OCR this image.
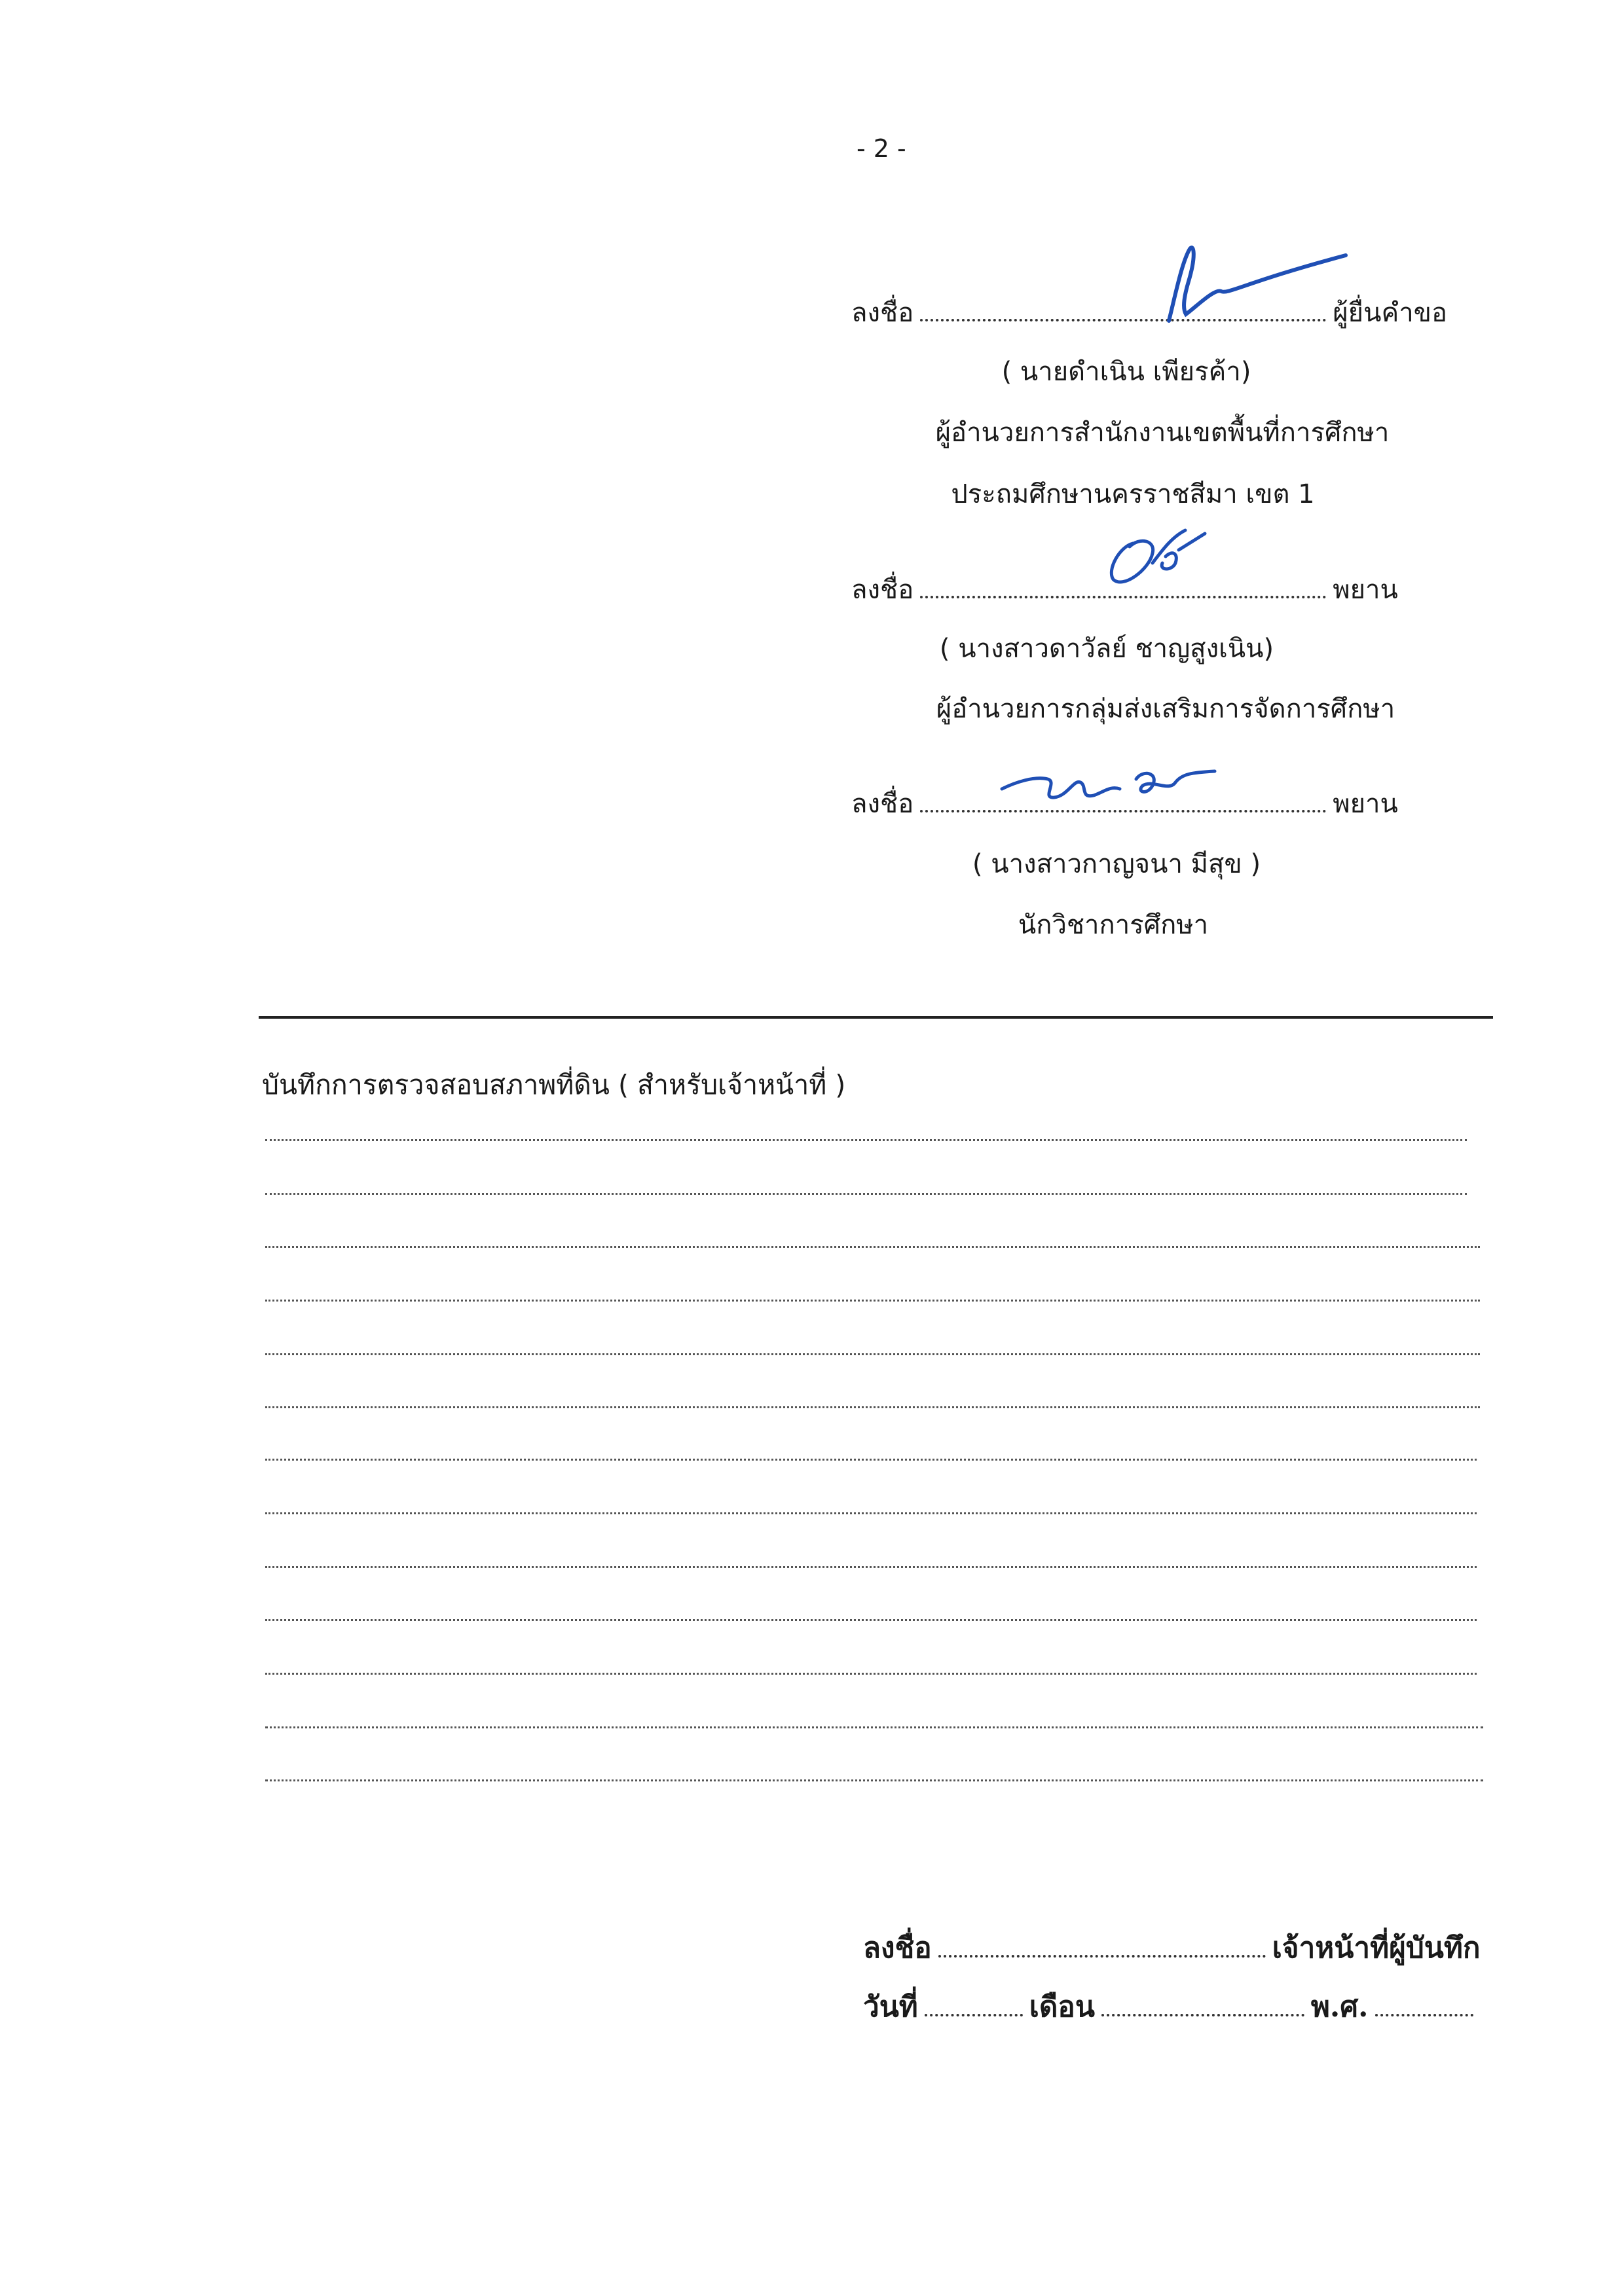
- 2 -
ลงชื่อ	ผู้ยื่นคำขอ
( นายดำเนิน เพียรค้า)
ผู้อำนวยการสำนักงานเขตพื้นที่การศึกษา
ประถมศึกษานครราชสีมา เขต 1
ลงชื่อ	พยาน
( นางสาวดาวัลย์ ชาญสูงเนิน)
ผู้อำนวยการกลุ่มส่งเสริมการจัดการศึกษา
ลงชื่อ	พยาน
( นางสาวกาญจนา มีสุข )
นักวิชาการศึกษา
บันทึกการตรวจสอบสภาพที่ดิน ( สำหรับเจ้าหน้าที่ )
ลงชื่อ	เจ้าหน้าที่ผู้บันทึก
วันที่	เดือน	พ.ศ.
